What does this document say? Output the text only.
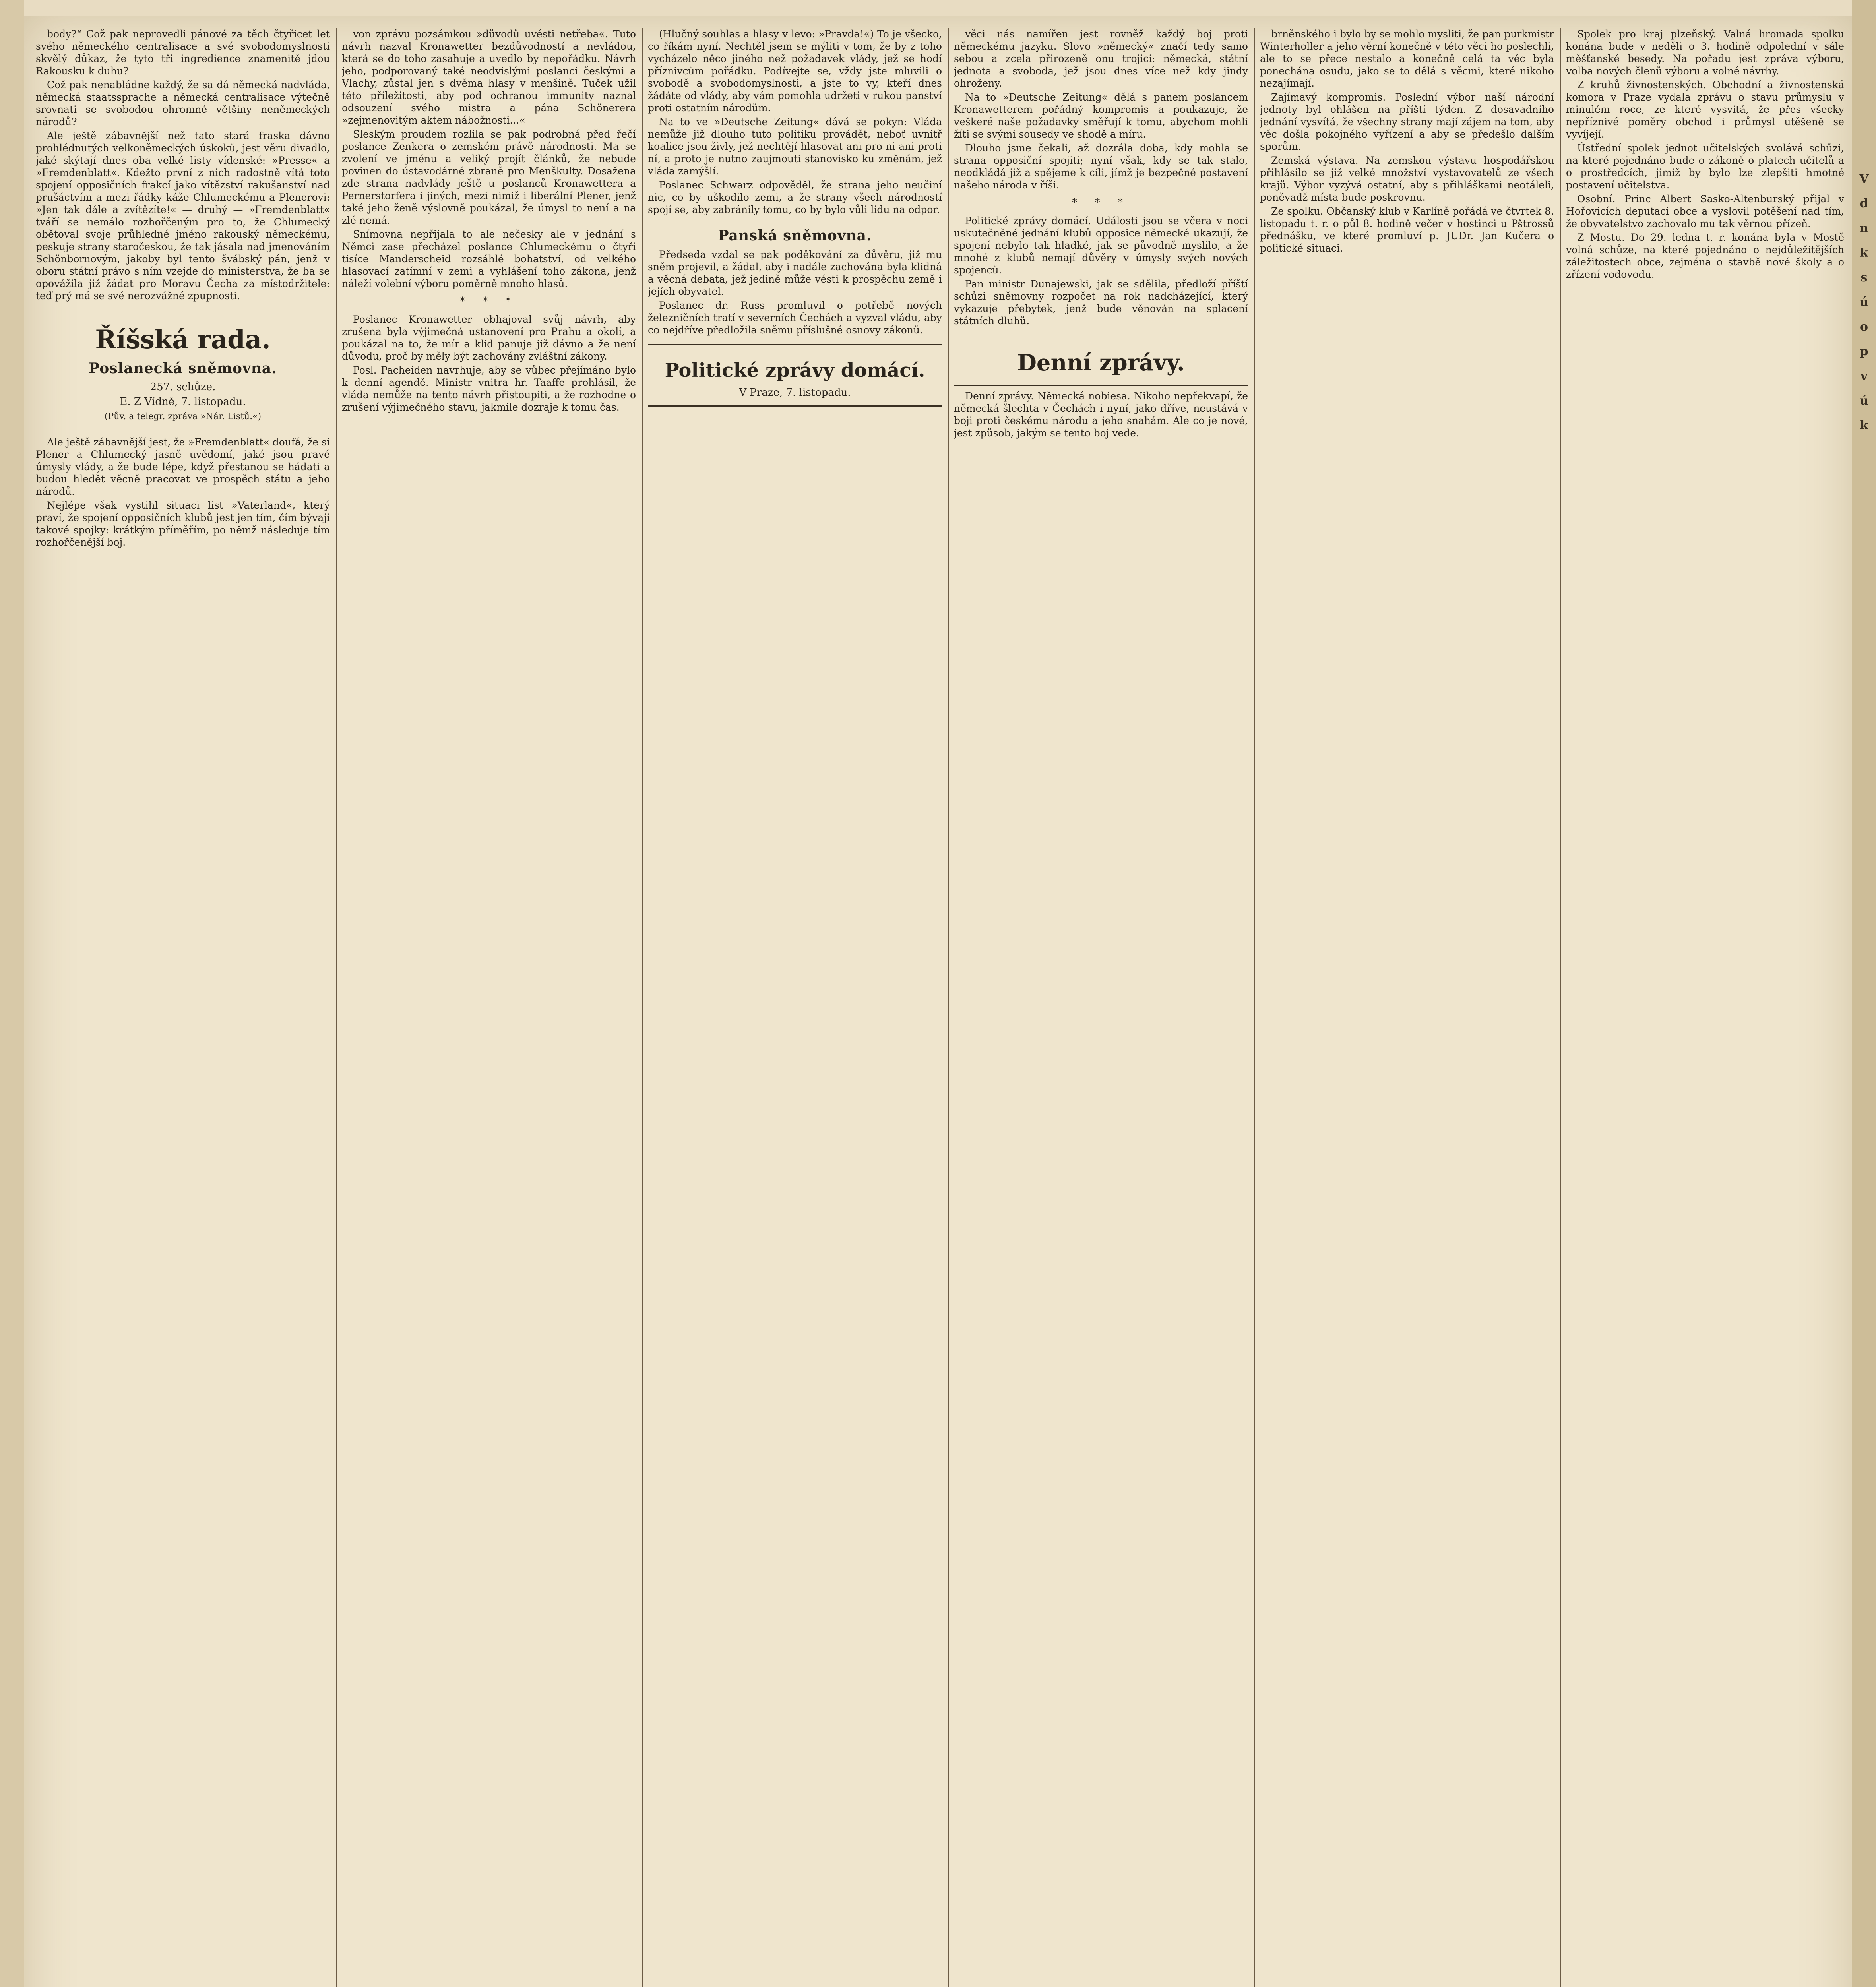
body?“ Což pak neprovedli pánové za těch čtyřicet let svého německého centralisace a své svobodomyslnosti skvělý důkaz, že tyto tři ingredience znamenitě jdou Rakousku k duhu?

Což pak nenabládne každý, že sa dá německá nadvláda, německá staatssprache a německá centralisace výtečně srovnati se svobodou ohromné většiny neněmeckých národů?

Ale ještě zábavnější než tato stará fraska dávno prohlédnutých velkoněmeckých úskoků, jest věru divadlo, jaké skýtají dnes oba velké listy vídenské: »Presse« a »Fremdenblatt«. Kdežto první z nich radostně vítá toto spojení opposičních frakcí jako vítězství rakušanství nad prušáctvím a mezi řádky káže Chlumeckému a Plenerovi: »Jen tak dále a zvítězíte!« — druhý — »Fremdenblatt« tváří se nemálo rozhořčeným pro to, že Chlumecký obětoval svoje průhledné jméno rakouský německému, peskuje strany staročeskou, že tak jásala nad jmenováním Schönbornovým, jakoby byl tento švábský pán, jenž v oboru státní právo s ním vzejde do ministerstva, že ba se opovážila již žádat pro Moravu Čecha za místodržitele: teď prý má se své nerozvážné zpupnosti.

Říšská rada.
Poslanecká sněmovna.
257. schůze.
E. Z Vídně, 7. listopadu.
(Pův. a telegr. zpráva »Nár. Listů.«)

Ale ještě zábavnější jest, že »Fremdenblatt« doufá, že si Plener a Chlumecký jasně uvědomí, jaké jsou pravé úmysly vlády, a že bude lépe, když přestanou se hádati a budou hledět věcně pracovat ve prospěch státu a jeho národů.

Nejlépe však vystihl situaci list »Vaterland«, který praví, že spojení opposičních klubů jest jen tím, čím bývají takové spojky: krátkým příměřím, po němž následuje tím rozhořčenější boj.

von zprávu pozsámkou »důvodů uvésti netřeba«. Tuto návrh nazval Kronawetter bezdůvodností a nevládou, která se do toho zasahuje a uvedlo by nepořádku. Návrh jeho, podporovaný také neodvislými poslanci českými a Vlachy, zůstal jen s dvěma hlasy v menšině. Tuček užil této příležitosti, aby pod ochranou immunity naznal odsouzení svého mistra a pána Schönerera »zejmenovitým aktem nábožnosti...«

Sleským proudem rozlila se pak podrobná před řečí poslance Zenkera o zemském právě národnosti. Ma se zvolení ve jménu a veliký projít článků, že nebude povinen do ústavodárné zbraně pro Menškulty. Dosažena zde strana nadvlády ještě u poslanců Kronawettera a Pernerstorfera i jiných, mezi nimiž i liberální Plener, jenž také jeho ženě výslovně poukázal, že úmysl to není a na zlé nemá.

Snímovna nepřijala to ale nečesky ale v jednání s Němci zase přecházel poslance Chlumeckému o čtyři tisíce Manderscheid rozsáhlé bohatství, od velkého hlasovací zatímní v zemi a vyhlášení toho zákona, jenž náleží volební výboru poměrně mnoho hlasů.

* * *

Poslanec Kronawetter obhajoval svůj návrh, aby zrušena byla výjimečná ustanovení pro Prahu a okolí, a poukázal na to, že mír a klid panuje již dávno a že není důvodu, proč by měly být zachovány zvláštní zákony.

Posl. Pacheiden navrhuje, aby se vůbec přejímáno bylo k denní agendě. Ministr vnitra hr. Taaffe prohlásil, že vláda nemůže na tento návrh přistoupiti, a že rozhodne o zrušení výjimečného stavu, jakmile dozraje k tomu čas.

(Hlučný souhlas a hlasy v levo: »Pravda!«) To je všecko, co říkám nyní. Nechtěl jsem se mýliti v tom, že by z toho vycházelo něco jiného než požadavek vlády, jež se hodí příznivcům pořádku. Podívejte se, vždy jste mluvili o svobodě a svobodomyslnosti, a jste to vy, kteří dnes žádáte od vlády, aby vám pomohla udržeti v rukou panství proti ostatním národům.

Na to ve »Deutsche Zeitung« dává se pokyn: Vláda nemůže již dlouho tuto politiku provádět, neboť uvnitř koalice jsou živly, jež nechtějí hlasovat ani pro ni ani proti ní, a proto je nutno zaujmouti stanovisko ku změnám, jež vláda zamýšlí.

Poslanec Schwarz odpověděl, že strana jeho neučiní nic, co by uškodilo zemi, a že strany všech národností spojí se, aby zabránily tomu, co by bylo vůli lidu na odpor.

Panská sněmovna.

Předseda vzdal se pak poděkování za důvěru, již mu sněm projevil, a žádal, aby i nadále zachována byla klidná a věcná debata, jež jedině může vésti k prospěchu země i jejích obyvatel.

Poslanec dr. Russ promluvil o potřebě nových železničních tratí v severních Čechách a vyzval vládu, aby co nejdříve předložila sněmu příslušné osnovy zákonů.

Politické zprávy domácí.
V Praze, 7. listopadu.

věci nás namířen jest rovněž každý boj proti německému jazyku. Slovo »německý« značí tedy samo sebou a zcela přirozeně onu trojici: německá, státní jednota a svoboda, jež jsou dnes více než kdy jindy ohroženy.

Na to »Deutsche Zeitung« dělá s panem poslancem Kronawetterem pořádný kompromis a poukazuje, že veškeré naše požadavky směřují k tomu, abychom mohli žíti se svými sousedy ve shodě a míru.

Dlouho jsme čekali, až dozrála doba, kdy mohla se strana opposiční spojiti; nyní však, kdy se tak stalo, neodkládá již a spějeme k cíli, jímž je bezpečné postavení našeho národa v říši.

* * *

Politické zprávy domácí. Události jsou se včera v noci uskutečněné jednání klubů opposice německé ukazují, že spojení nebylo tak hladké, jak se původně myslilo, a že mnohé z klubů nemají důvěry v úmysly svých nových spojenců.

Pan ministr Dunajewski, jak se sdělila, předloží příští schůzi sněmovny rozpočet na rok nadcházející, který vykazuje přebytek, jenž bude věnován na splacení státních dluhů.

Denní zprávy.

Denní zprávy. Německá nobiesa. Nikoho nepřekvapí, že německá šlechta v Čechách i nyní, jako dříve, neustává v boji proti českému národu a jeho snahám. Ale co je nové, jest způsob, jakým se tento boj vede.

brněnského i bylo by se mohlo mysliti, že pan purkmistr Winterholler a jeho věrní konečně v této věci ho poslechli, ale to se přece nestalo a konečně celá ta věc byla ponechána osudu, jako se to dělá s věcmi, které nikoho nezajímají.

Zajímavý kompromis. Poslední výbor naší národní jednoty byl ohlášen na příští týden. Z dosavadního jednání vysvítá, že všechny strany mají zájem na tom, aby věc došla pokojného vyřízení a aby se předešlo dalším sporům.

Zemská výstava. Na zemskou výstavu hospodářskou přihlásilo se již velké množství vystavovatelů ze všech krajů. Výbor vyzývá ostatní, aby s přihláškami neotáleli, poněvadž místa bude poskrovnu.

Ze spolku. Občanský klub v Karlíně pořádá ve čtvrtek 8. listopadu t. r. o půl 8. hodině večer v hostinci u Pštrossů přednášku, ve které promluví p. JUDr. Jan Kučera o politické situaci.

Spolek pro kraj plzeňský. Valná hromada spolku konána bude v neděli o 3. hodině odpolední v sále měšťanské besedy. Na pořadu jest zpráva výboru, volba nových členů výboru a volné návrhy.

Z kruhů živnostenských. Obchodní a živnostenská komora v Praze vydala zprávu o stavu průmyslu v minulém roce, ze které vysvítá, že přes všecky nepříznivé poměry obchod i průmysl utěšeně se vyvíjejí.

Ústřední spolek jednot učitelských svolává schůzi, na které pojednáno bude o zákoně o platech učitelů a o prostředcích, jimiž by bylo lze zlepšiti hmotné postavení učitelstva.

Osobní. Princ Albert Sasko-Altenburský přijal v Hořovicích deputaci obce a vyslovil potěšení nad tím, že obyvatelstvo zachovalo mu tak věrnou přízeň.

Z Mostu. Do 29. ledna t. r. konána byla v Mostě volná schůze, na které pojednáno o nejdůležitějších záležitostech obce, zejména o stavbě nové školy a o zřízení vodovodu.

V
d
n
k
s
ú
o
p
v
ú
k
